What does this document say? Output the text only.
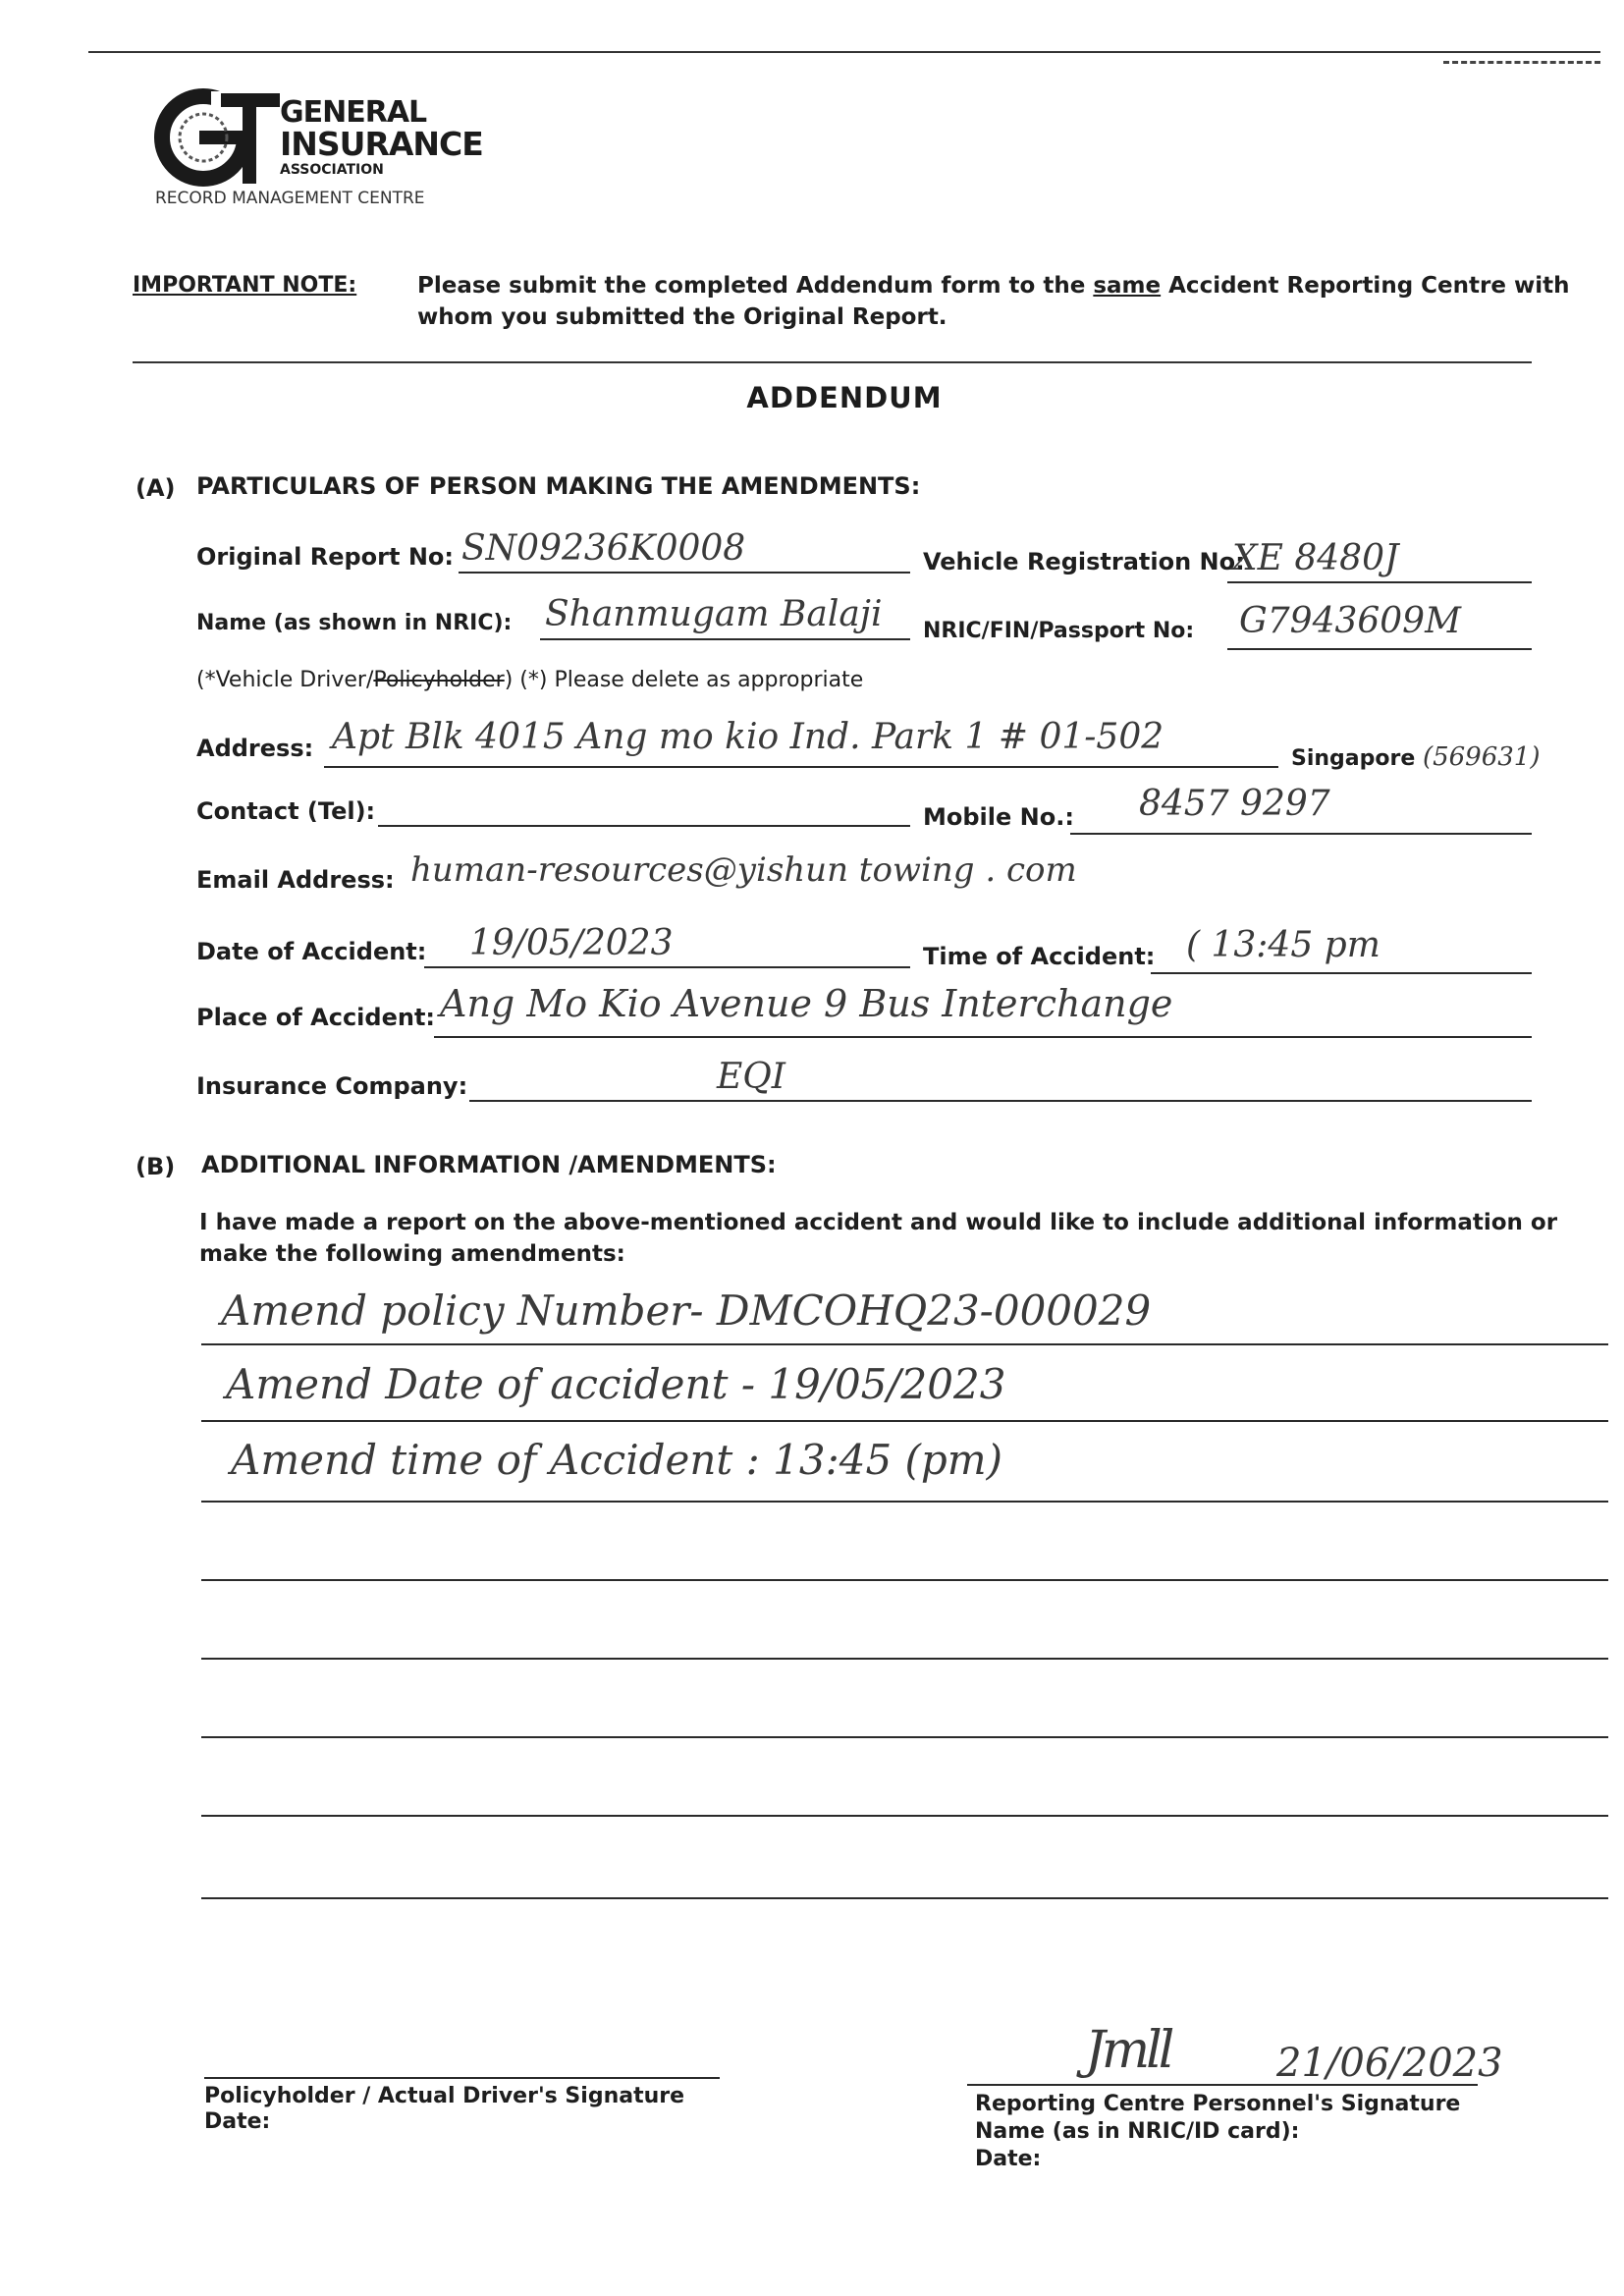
GENERAL
INSURANCE
ASSOCIATION
RECORD MANAGEMENT CENTRE
IMPORTANT NOTE:	Please submit the completed Addendum form to the same Accident Reporting Centre with
whom you submitted the Original Report.
ADDENDUM
(A) PARTICULARS OF PERSON MAKING THE AMENDMENTS:
Original Report No: SN09236K0008	Vehicle Registration No:
XE 8480J
Name (as shown in NRIC): Shanmugam Balaji NRIC/FIN/Passport No: G7943609M
(*Vehicle Driver/Policyholder) (*) Please delete as appropriate
Address: Apt Blk 4015 Ang mo kio Ind. Park 1 # 01-502
Singapore (569631)
Contact (Tel):	Mobile No.: 8457 9297
Email Address: human-resources@yishun towing . com
Date of Accident: 19/05/2023	Time of Accident: ( 13:45 pm
Place of Accident: Ang Mo Kio Avenue 9 Bus Interchange
Insurance Company:	EQI
(B) ADDITIONAL INFORMATION /AMENDMENTS:
I have made a report on the above-mentioned accident and would like to include additional information or
make the following amendments:
Amend policy Number- DMCOHQ23-000029
Amend Date of accident - 19/05/2023
Amend time of Accident : 13:45 (pm)
Policyholder / Actual Driver's Signature
Date:
Jmll	21/06/2023
Reporting Centre Personnel's Signature
Name (as in NRIC/ID card):
Date:
